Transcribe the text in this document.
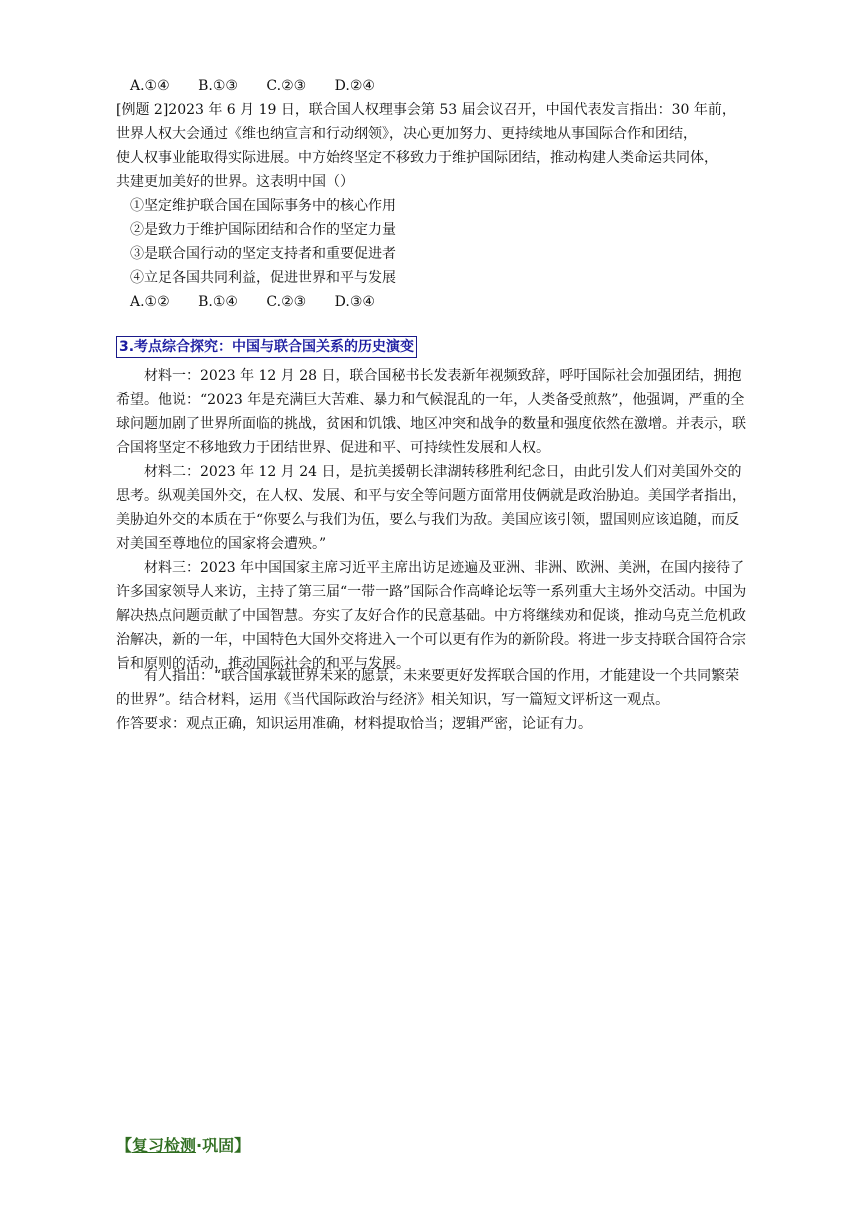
A.①④ B.①③ C.②③ D.②④
[例题 2]2023 年 6 月 19 日，联合国人权理事会第 53 届会议召开，中国代表发言指出：30 年前，
世界人权大会通过《维也纳宣言和行动纲领》，决心更加努力、更持续地从事国际合作和团结，
使人权事业能取得实际进展。中方始终坚定不移致力于维护国际团结，推动构建人类命运共同体，
共建更加美好的世界。这表明中国（）
①坚定维护联合国在国际事务中的核心作用
②是致力于维护国际团结和合作的坚定力量
③是联合国行动的坚定支持者和重要促进者
④立足各国共同利益，促进世界和平与发展
A.①② B.①④ C.②③ D.③④
3.考点综合探究：中国与联合国关系的历史演变
材料一：2023 年 12 月 28 日，联合国秘书长发表新年视频致辞，呼吁国际社会加强团结，拥抱希望。他说：“2023 年是充满巨大苦难、暴力和气候混乱的一年，人类备受煎熬”，他强调，严重的全球问题加剧了世界所面临的挑战，贫困和饥饿、地区冲突和战争的数量和强度依然在激增。并表示，联合国将坚定不移地致力于团结世界、促进和平、可持续性发展和人权。
材料二：2023 年 12 月 24 日，是抗美援朝长津湖转移胜利纪念日，由此引发人们对美国外交的思考。纵观美国外交，在人权、发展、和平与安全等问题方面常用伎俩就是政治胁迫。美国学者指出，美胁迫外交的本质在于“你要么与我们为伍，要么与我们为敌。美国应该引领，盟国则应该追随，而反对美国至尊地位的国家将会遭殃。”
材料三：2023 年中国国家主席习近平主席出访足迹遍及亚洲、非洲、欧洲、美洲，在国内接待了许多国家领导人来访，主持了第三届“一带一路”国际合作高峰论坛等一系列重大主场外交活动。中国为解决热点问题贡献了中国智慧。夯实了友好合作的民意基础。中方将继续劝和促谈，推动乌克兰危机政治解决，新的一年，中国特色大国外交将进入一个可以更有作为的新阶段。将进一步支持联合国符合宗旨和原则的活动，推动国际社会的和平与发展。
有人指出：“联合国承载世界未来的愿景，未来要更好发挥联合国的作用，才能建设一个共同繁荣的世界”。结合材料，运用《当代国际政治与经济》相关知识，写一篇短文评析这一观点。
作答要求：观点正确，知识运用准确，材料提取恰当；逻辑严密，论证有力。
【复习检测·巩固】
